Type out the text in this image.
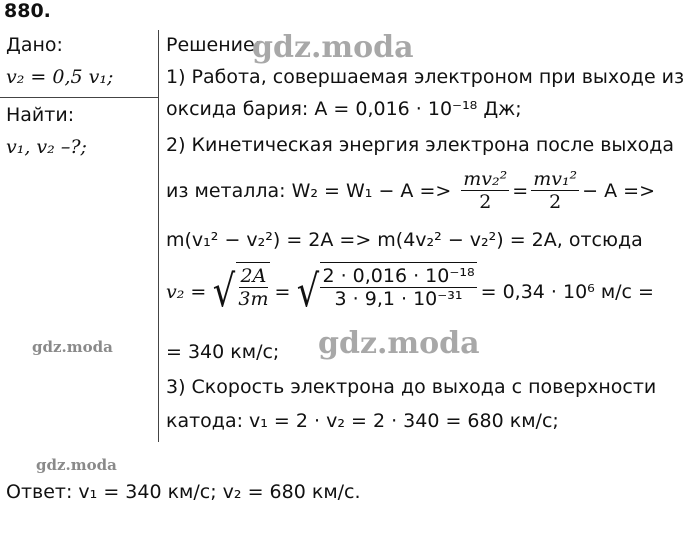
880.
Дано:
v₂ = 0,5 v₁;
Найти:
v₁, v₂ –?;
Решение:
1) Работа, совершаемая электроном при выходе из
оксида бария: A = 0,016 · 10⁻¹⁸ Дж;
2) Кинетическая энергия электрона после выхода
из металла: $W_2 = W_1 - A => \frac{\text{mv₂²}}{2} = \frac{\text{mv₁²}}{2} - A$ =>
m(v₁² − v₂²) = 2A => m(4v₂² − v₂²) = 2A, отсюда
v₂ = √ $\frac{2A}{3m}$ = √ $\frac{\text{2 · 0,016 · 10⁻¹⁸}}{\text{3 · 9,1 · 10⁻³¹}} = 0,34 \cdot 10^6$ м/с =
= 340 км/с;
3) Скорость электрона до выхода с поверхности
катода: v₁ = 2 · v₂ = 2 · 340 = 680 км/с;
Ответ: v₁ = 340 км/с; v₂ = 680 км/с.
gdz.moda
gdz.moda
gdz.moda
gdz.moda
